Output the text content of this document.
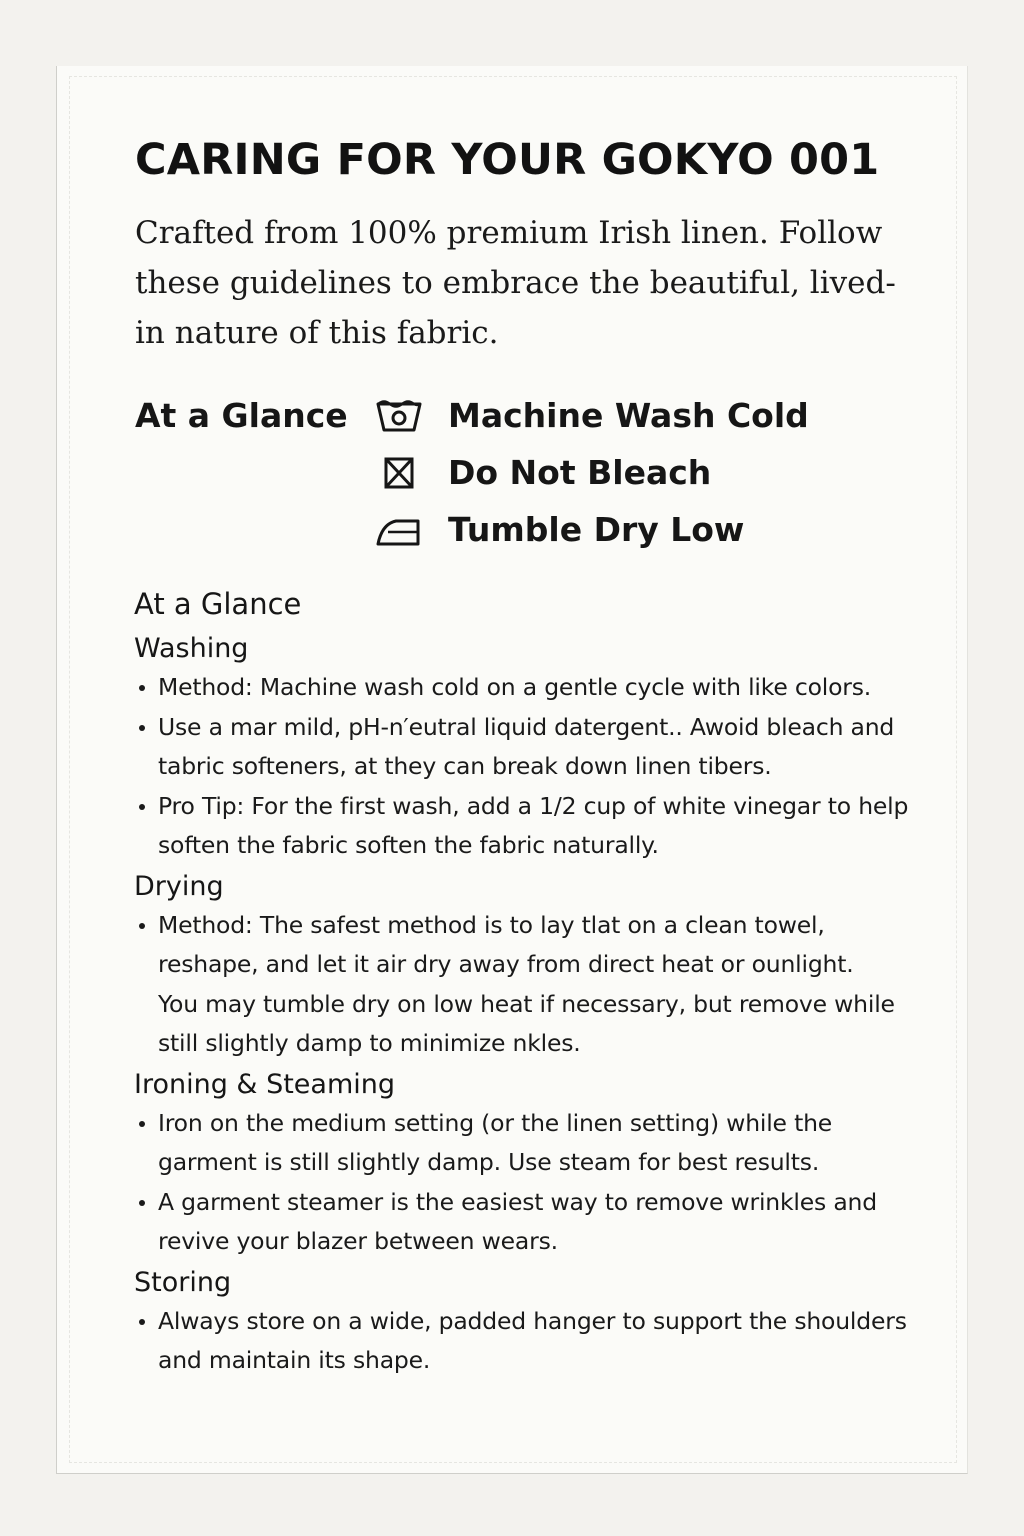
CARING FOR YOUR GOKYO 001

Crafted from 100% premium Irish linen. Follow these guidelines to embrace the beautiful, lived-in nature of this fabric.

At a Glance	Machine Wash Cold
Do Not Bleach
Tumble Dry Low
At a Glance
Washing
Method: Machine wash cold on a gentle cycle with like colors.
Use a mar mild, pH-n′eutral liquid datergent.. Awoid bleach and tabric softeners, at they can break down linen tibers.
Pro Tip: For the first wash, add a 1/2 cup of white vinegar to help soften the fabric soften the fabric naturally.
Drying
Method: The safest method is to lay tlat on a clean towel, reshape, and let it air dry away from direct heat or ounlight.
You may tumble dry on low heat if necessary, but remove while still slightly damp to minimize nkles.
Ironing & Steaming
Iron on the medium setting (or the linen setting) while the garment is still slightly damp. Use steam for best results.
A garment steamer is the easiest way to remove wrinkles and revive your blazer between wears.
Storing
Always store on a wide, padded hanger to support the shoulders and maintain its shape.
